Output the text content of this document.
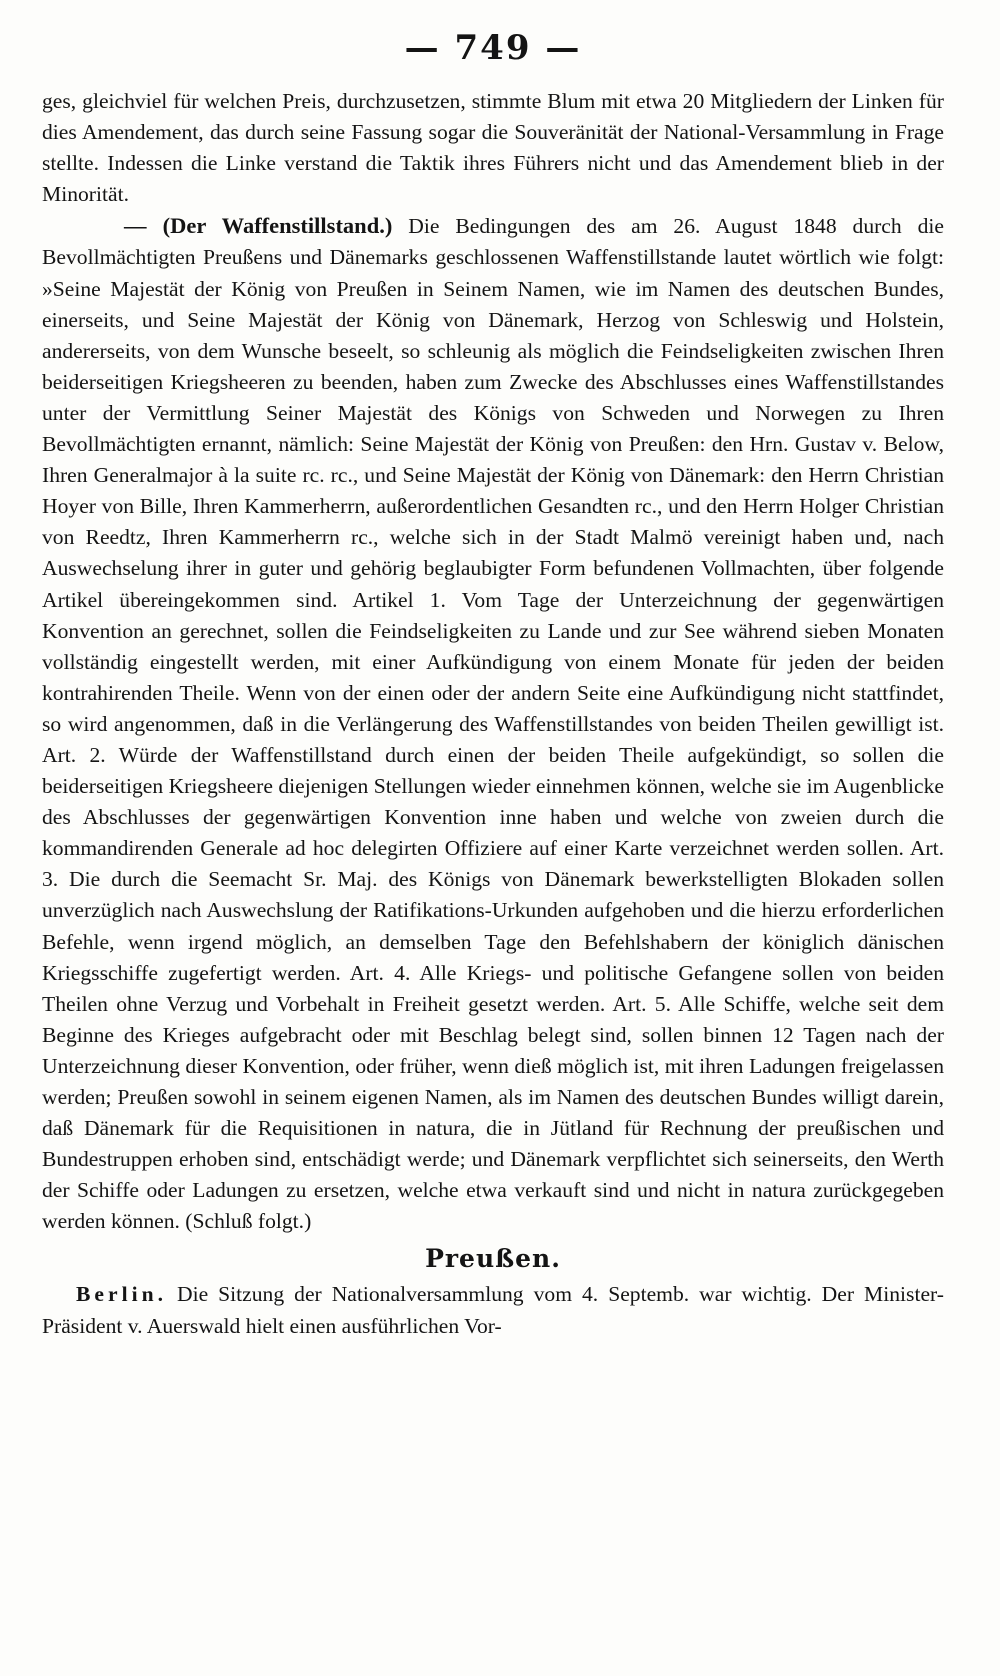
— 749 —

ges, gleichviel für welchen Preis, durchzusetzen, stimmte Blum mit etwa 20 Mitgliedern der Linken für dies Amendement, das durch seine Fassung sogar die Souveränität der National-Versammlung in Frage stellte. Indessen die Linke verstand die Taktik ihres Führers nicht und das Amendement blieb in der Minorität.

— (Der Waffenstillstand.) Die Bedingungen des am 26. August 1848 durch die Bevollmächtigten Preußens und Dänemarks geschlossenen Waffenstillstande lautet wörtlich wie folgt: »Seine Majestät der König von Preußen in Seinem Namen, wie im Namen des deutschen Bundes, einerseits, und Seine Majestät der König von Dänemark, Herzog von Schleswig und Holstein, andererseits, von dem Wunsche beseelt, so schleunig als möglich die Feindseligkeiten zwischen Ihren beiderseitigen Kriegsheeren zu beenden, haben zum Zwecke des Abschlusses eines Waffenstillstandes unter der Vermittlung Seiner Majestät des Königs von Schweden und Norwegen zu Ihren Bevollmächtigten ernannt, nämlich: Seine Majestät der König von Preußen: den Hrn. Gustav v. Below, Ihren Generalmajor à la suite rc. rc., und Seine Majestät der König von Dänemark: den Herrn Christian Hoyer von Bille, Ihren Kammerherrn, außerordentlichen Gesandten rc., und den Herrn Holger Christian von Reedtz, Ihren Kammerherrn rc., welche sich in der Stadt Malmö vereinigt haben und, nach Auswechselung ihrer in guter und gehörig beglaubigter Form befundenen Vollmachten, über folgende Artikel übereingekommen sind. Artikel 1. Vom Tage der Unterzeichnung der gegenwärtigen Konvention an gerechnet, sollen die Feindseligkeiten zu Lande und zur See während sieben Monaten vollständig eingestellt werden, mit einer Aufkündigung von einem Monate für jeden der beiden kontrahirenden Theile. Wenn von der einen oder der andern Seite eine Aufkündigung nicht stattfindet, so wird angenommen, daß in die Verlängerung des Waffenstillstandes von beiden Theilen gewilligt ist. Art. 2. Würde der Waffenstillstand durch einen der beiden Theile aufgekündigt, so sollen die beiderseitigen Kriegsheere diejenigen Stellungen wieder einnehmen können, welche sie im Augenblicke des Abschlusses der gegenwärtigen Konvention inne haben und welche von zweien durch die kommandirenden Generale ad hoc delegirten Offiziere auf einer Karte verzeichnet werden sollen. Art. 3. Die durch die Seemacht Sr. Maj. des Königs von Dänemark bewerkstelligten Blokaden sollen unverzüglich nach Auswechslung der Ratifikations-Urkunden aufgehoben und die hierzu erforderlichen Befehle, wenn irgend möglich, an demselben Tage den Befehlshabern der königlich dänischen Kriegsschiffe zugefertigt werden. Art. 4. Alle Kriegs- und politische Gefangene sollen von beiden Theilen ohne Verzug und Vorbehalt in Freiheit gesetzt werden. Art. 5. Alle Schiffe, welche seit dem Beginne des Krieges aufgebracht oder mit Beschlag belegt sind, sollen binnen 12 Tagen nach der Unterzeichnung dieser Konvention, oder früher, wenn dieß möglich ist, mit ihren Ladungen freigelassen werden; Preußen sowohl in seinem eigenen Namen, als im Namen des deutschen Bundes willigt darein, daß Dänemark für die Requisitionen in natura, die in Jütland für Rechnung der preußischen und Bundestruppen erhoben sind, entschädigt werde; und Dänemark verpflichtet sich seinerseits, den Werth der Schiffe oder Ladungen zu ersetzen, welche etwa verkauft sind und nicht in natura zurückgegeben werden können. (Schluß folgt.)

Preußen.

Berlin. Die Sitzung der Nationalversammlung vom 4. Septemb. war wichtig. Der Minister-Präsident v. Auerswald hielt einen ausführlichen Vor-
